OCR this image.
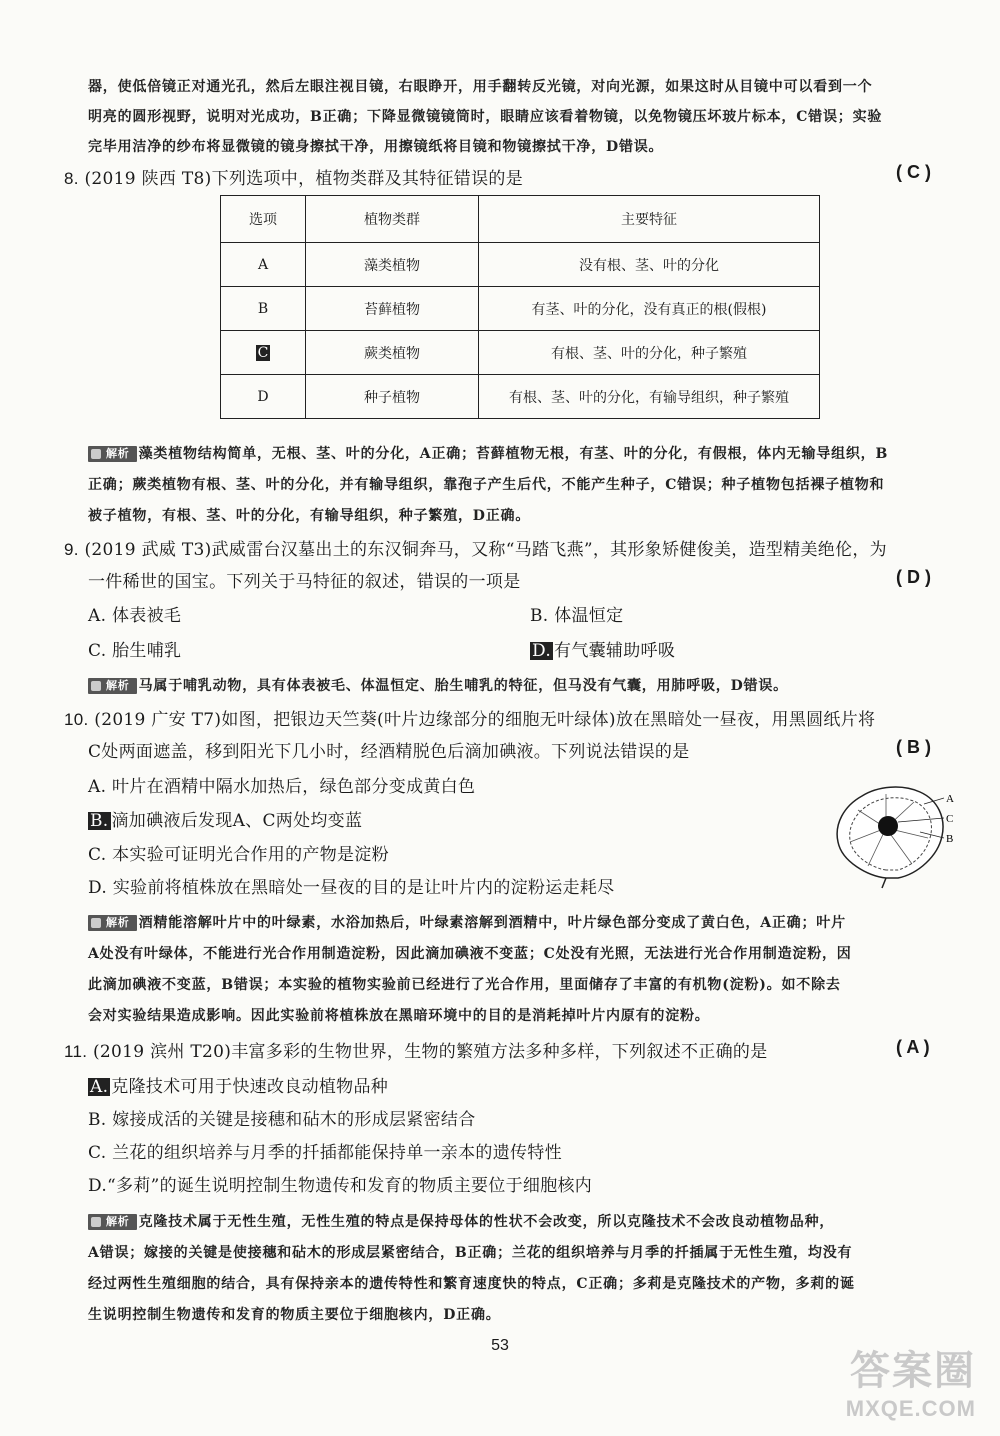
器，使低倍镜正对通光孔，然后左眼注视目镜，右眼睁开，用手翻转反光镜，对向光源，如果这时从目镜中可以看到一个
明亮的圆形视野，说明对光成功，B正确；下降显微镜镜筒时，眼睛应该看着物镜，以免物镜压坏玻片标本，C错误；实验
完毕用洁净的纱布将显微镜的镜身擦拭干净，用擦镜纸将目镜和物镜擦拭干净，D错误。
8. (2019 陕西 T8)下列选项中，植物类群及其特征错误的是	( C )
选项	植物类群	主要特征
A	藻类植物	没有根、茎、叶的分化
B	苔藓植物	有茎、叶的分化，没有真正的根(假根)
C	蕨类植物	有根、茎、叶的分化，种子繁殖
D	种子植物	有根、茎、叶的分化，有输导组织，种子繁殖
解析 藻类植物结构简单，无根、茎、叶的分化，A正确；苔藓植物无根，有茎、叶的分化，有假根，体内无输导组织，B
正确；蕨类植物有根、茎、叶的分化，并有输导组织，靠孢子产生后代，不能产生种子，C错误；种子植物包括裸子植物和
被子植物，有根、茎、叶的分化，有输导组织，种子繁殖，D正确。
9. (2019 武威 T3)武威雷台汉墓出土的东汉铜奔马，又称“马踏飞燕”，其形象矫健俊美，造型精美绝伦，为
一件稀世的国宝。下列关于马特征的叙述，错误的一项是	( D )
A. 体表被毛	B. 体温恒定
C. 胎生哺乳	D. 有气囊辅助呼吸
解析 马属于哺乳动物，具有体表被毛、体温恒定、胎生哺乳的特征，但马没有气囊，用肺呼吸，D错误。
10. (2019 广安 T7)如图，把银边天竺葵(叶片边缘部分的细胞无叶绿体)放在黑暗处一昼夜，用黑圆纸片将
C处两面遮盖，移到阳光下几小时，经酒精脱色后滴加碘液。下列说法错误的是	( B )
A. 叶片在酒精中隔水加热后，绿色部分变成黄白色
B. 滴加碘液后发现A、C两处均变蓝
C. 本实验可证明光合作用的产物是淀粉
D. 实验前将植株放在黑暗处一昼夜的目的是让叶片内的淀粉运走耗尽
A
C
B
解析 酒精能溶解叶片中的叶绿素，水浴加热后，叶绿素溶解到酒精中，叶片绿色部分变成了黄白色，A正确；叶片
A处没有叶绿体，不能进行光合作用制造淀粉，因此滴加碘液不变蓝；C处没有光照，无法进行光合作用制造淀粉，因
此滴加碘液不变蓝，B错误；本实验的植物实验前已经进行了光合作用，里面储存了丰富的有机物(淀粉)。如不除去
会对实验结果造成影响。因此实验前将植株放在黑暗环境中的目的是消耗掉叶片内原有的淀粉。
11. (2019 滨州 T20)丰富多彩的生物世界，生物的繁殖方法多种多样，下列叙述不正确的是	( A )
A. 克隆技术可用于快速改良动植物品种
B. 嫁接成活的关键是接穗和砧木的形成层紧密结合
C. 兰花的组织培养与月季的扦插都能保持单一亲本的遗传特性
D.“多莉”的诞生说明控制生物遗传和发育的物质主要位于细胞核内
解析 克隆技术属于无性生殖，无性生殖的特点是保持母体的性状不会改变，所以克隆技术不会改良动植物品种，
A错误；嫁接的关键是使接穗和砧木的形成层紧密结合，B正确；兰花的组织培养与月季的扦插属于无性生殖，均没有
经过两性生殖细胞的结合，具有保持亲本的遗传特性和繁育速度快的特点，C正确；多莉是克隆技术的产物，多莉的诞
生说明控制生物遗传和发育的物质主要位于细胞核内，D正确。
53
答案圈
MXQE.COM
